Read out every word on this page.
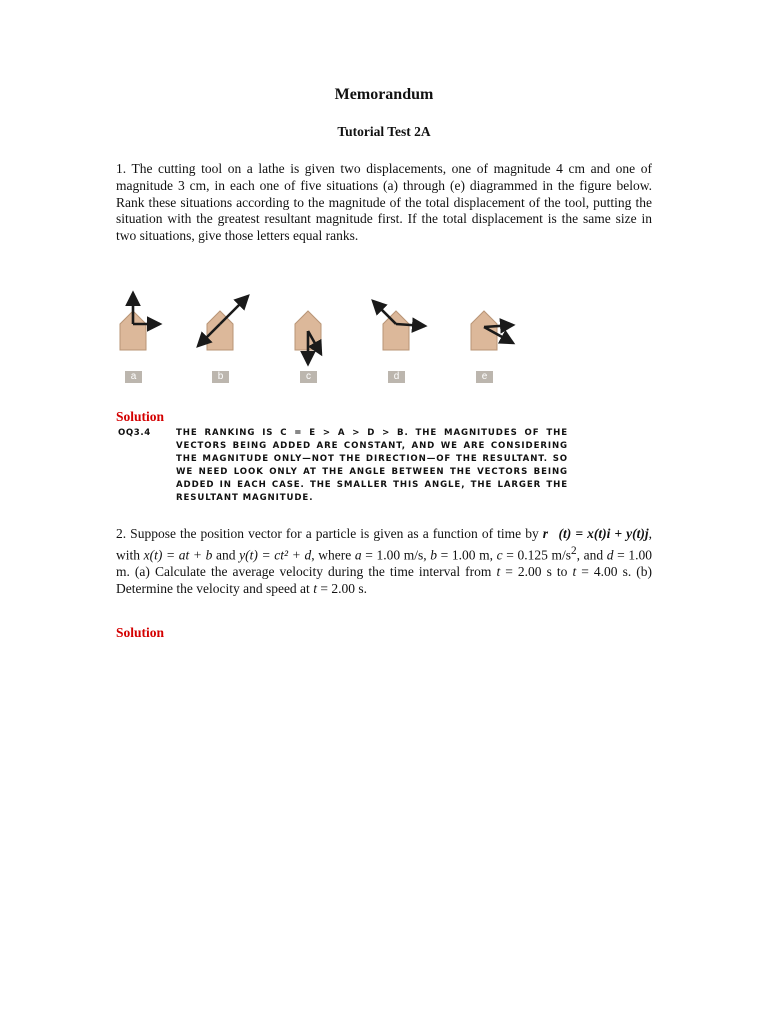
Memorandum
Tutorial Test 2A
1. The cutting tool on a lathe is given two displacements, one of magnitude 4 cm and one of magnitude 3 cm, in each one of five situations (a) through (e) diagrammed in the figure below. Rank these situations according to the magnitude of the total displacement of the tool, putting the situation with the greatest resultant magnitude first. If the total displacement is the same size in two situations, give those letters equal ranks.
a	b	c	d	e
Solution
OQ3.4	THE RANKING IS C = E > A > D > B. THE MAGNITUDES OF THE VECTORS BEING ADDED ARE CONSTANT, AND WE ARE CONSIDERING THE MAGNITUDE ONLY—NOT THE DIRECTION—OF THE RESULTANT. SO WE NEED LOOK ONLY AT THE ANGLE BETWEEN THE VECTORS BEING ADDED IN EACH CASE. THE SMALLER THIS ANGLE, THE LARGER THE RESULTANT MAGNITUDE.
2. Suppose the position vector for a particle is given as a function of time by r⃗(t) = x(t)i + y(t)j, with x(t) = at + b and y(t) = ct² + d, where a = 1.00 m/s, b = 1.00 m, c = 0.125 $m/s^2$, and d = 1.00 m. (a) Calculate the average velocity during the time interval from t = 2.00 s to t = 4.00 s. (b) Determine the velocity and speed at t = 2.00 s.
Solution
